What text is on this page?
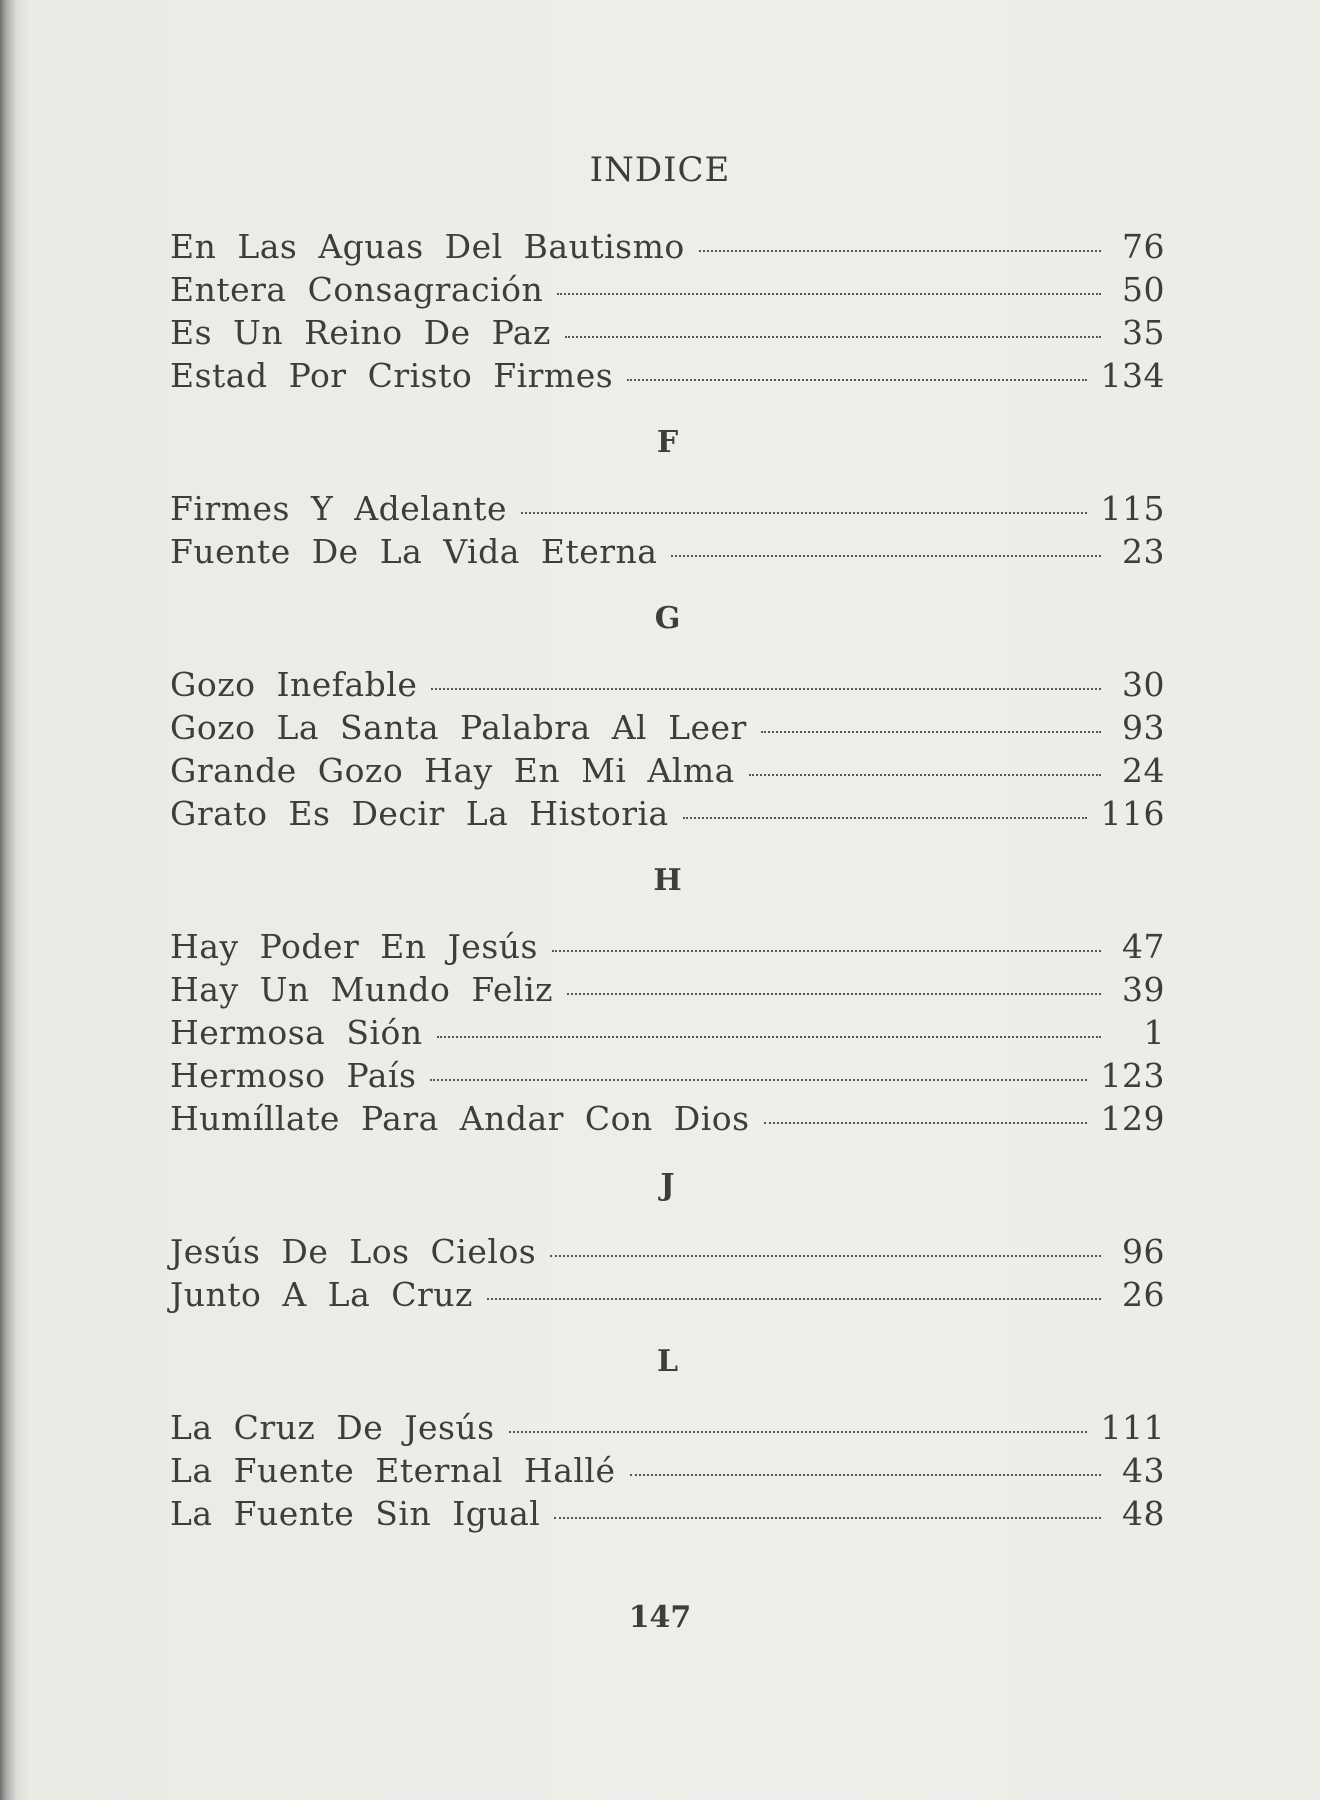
INDICE
En Las Aguas Del Bautismo	76
Entera Consagración	50
Es Un Reino De Paz	35
Estad Por Cristo Firmes	134
F
Firmes Y Adelante	115
Fuente De La Vida Eterna	23
G
Gozo Inefable	30
Gozo La Santa Palabra Al Leer	93
Grande Gozo Hay En Mi Alma	24
Grato Es Decir La Historia	116
H
Hay Poder En Jesús	47
Hay Un Mundo Feliz	39
Hermosa Sión	1
Hermoso País	123
Humíllate Para Andar Con Dios	129
J
Jesús De Los Cielos	96
Junto A La Cruz	26
L
La Cruz De Jesús	111
La Fuente Eternal Hallé	43
La Fuente Sin Igual	48
147
